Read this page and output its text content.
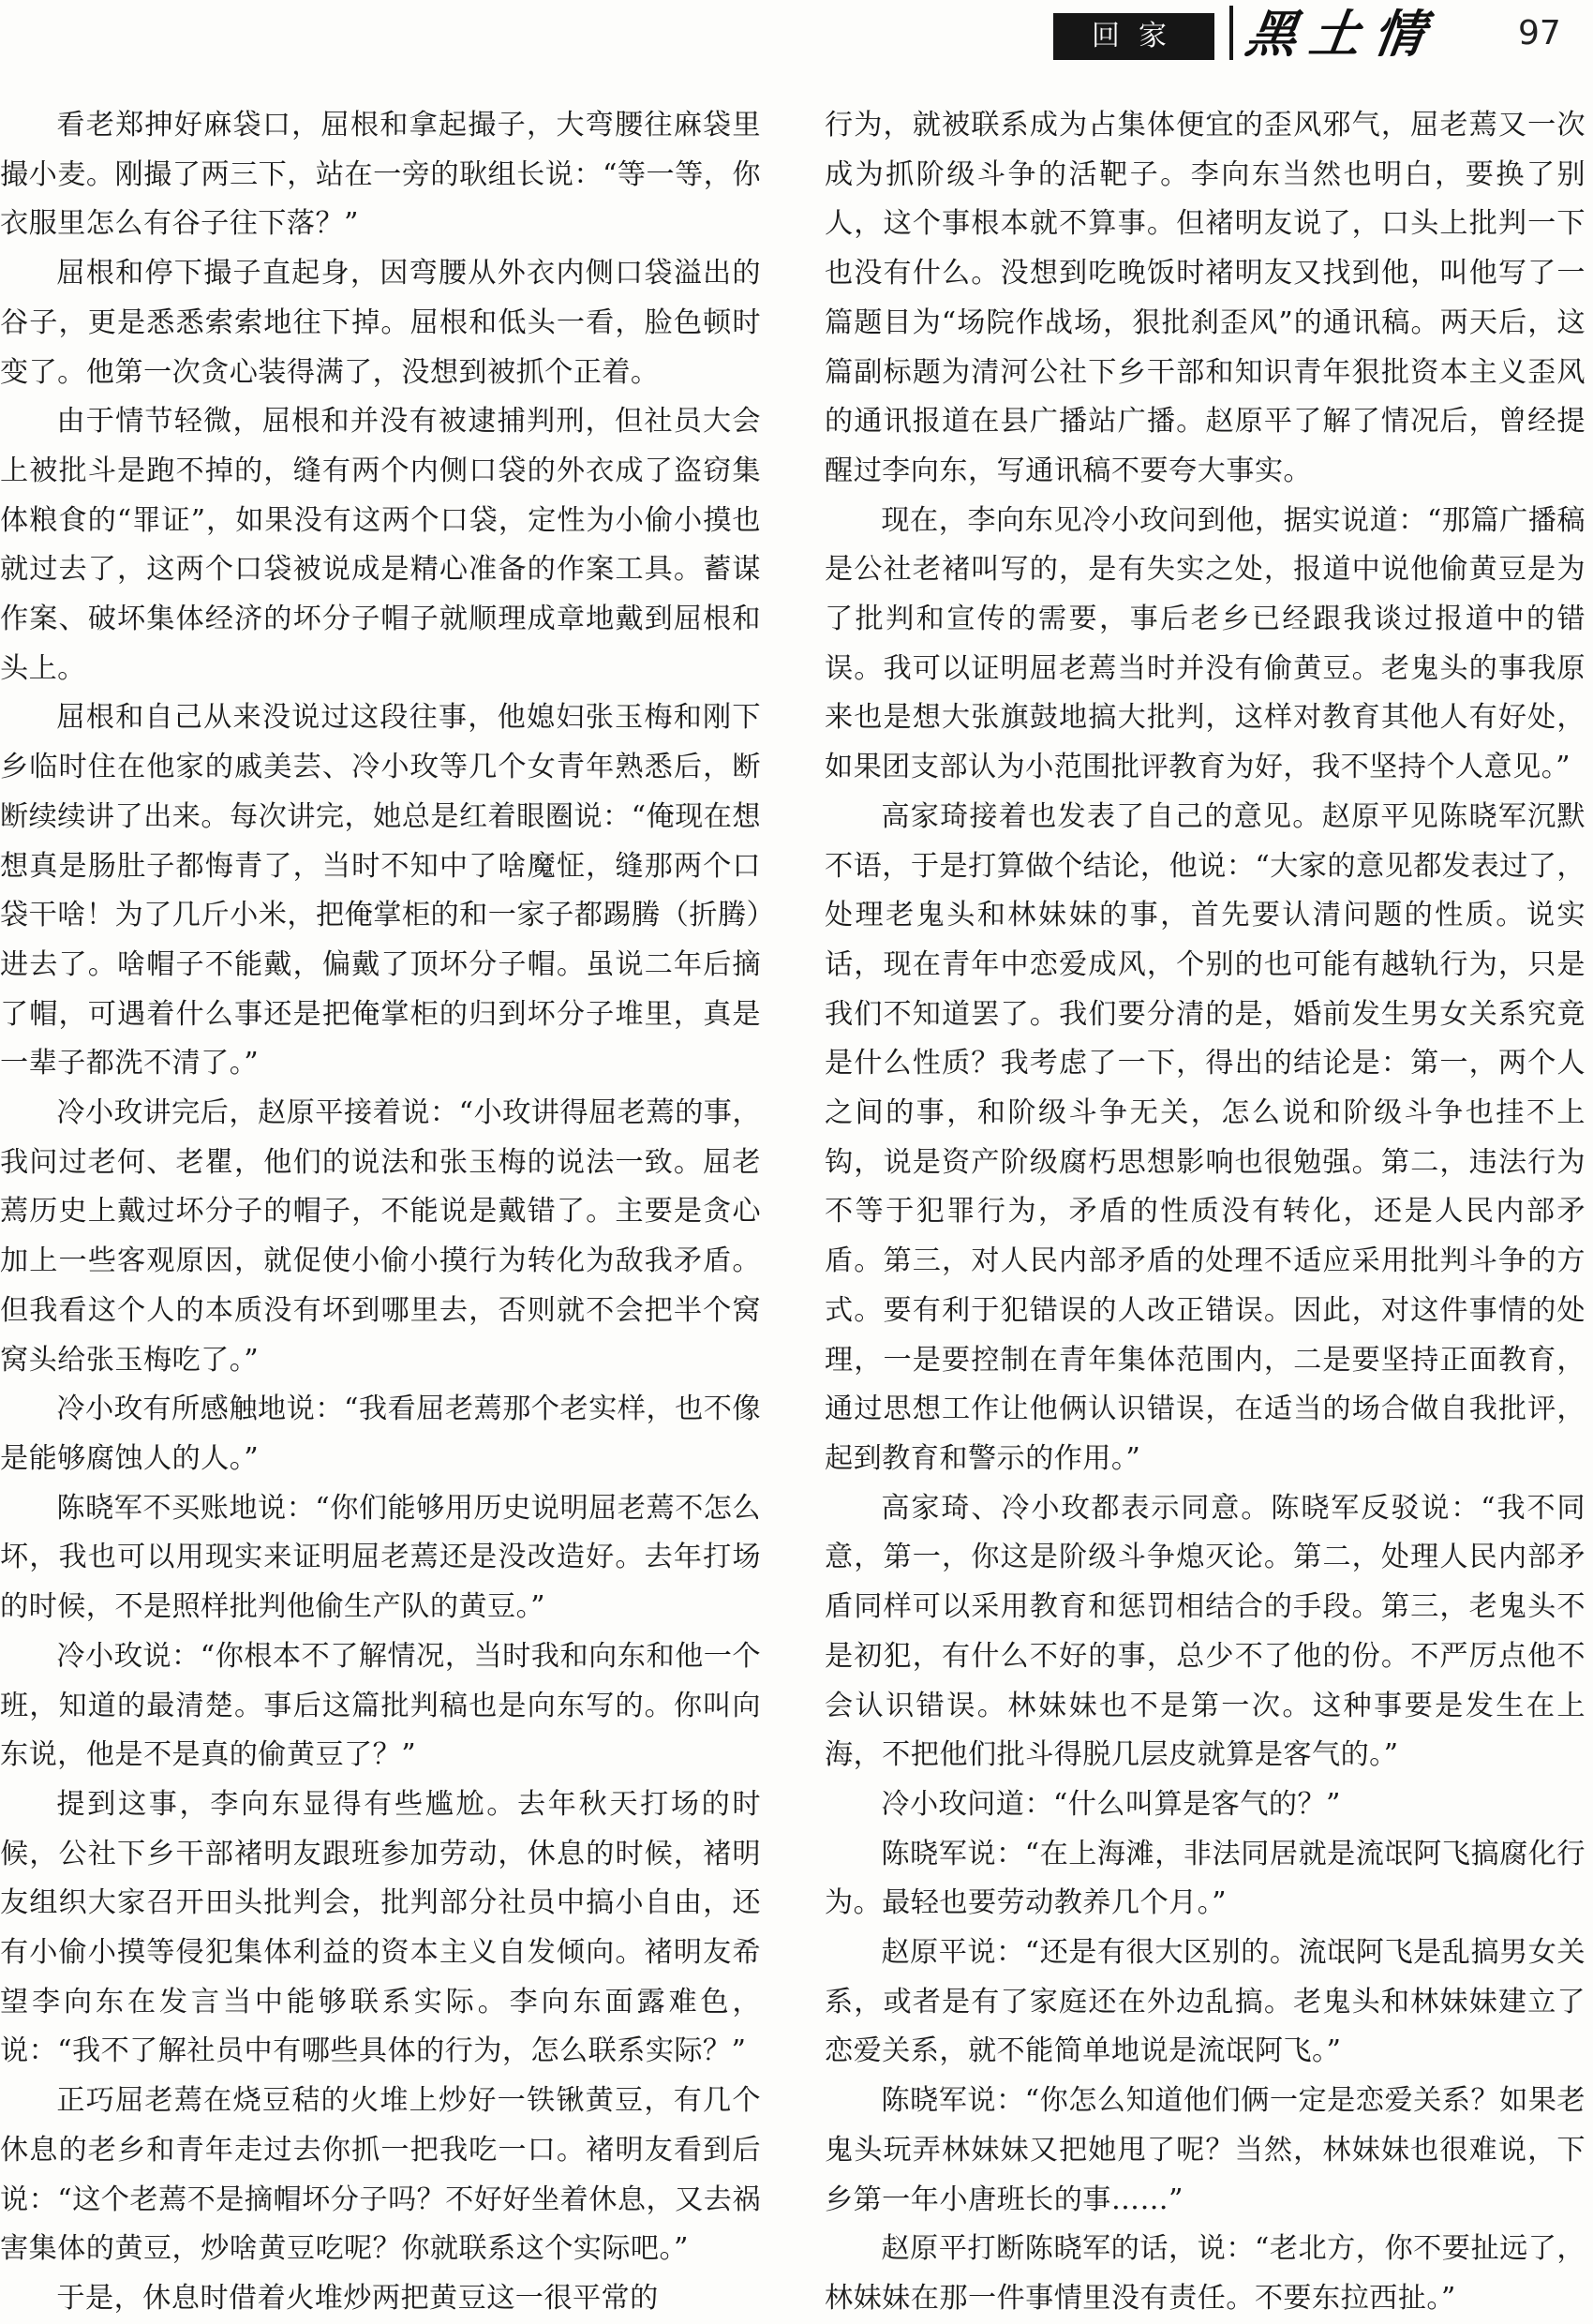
回家	黑土情 97

看老郑抻好麻袋口，屈根和拿起撮子，大弯腰往麻袋里撮小麦。刚撮了两三下，站在一旁的耿组长说：“等一等，你衣服里怎么有谷子往下落？”

屈根和停下撮子直起身，因弯腰从外衣内侧口袋溢出的谷子，更是悉悉索索地往下掉。屈根和低头一看，脸色顿时变了。他第一次贪心装得满了，没想到被抓个正着。

由于情节轻微，屈根和并没有被逮捕判刑，但社员大会上被批斗是跑不掉的，缝有两个内侧口袋的外衣成了盗窃集体粮食的“罪证”，如果没有这两个口袋，定性为小偷小摸也就过去了，这两个口袋被说成是精心准备的作案工具。蓄谋作案、破坏集体经济的坏分子帽子就顺理成章地戴到屈根和头上。

屈根和自己从来没说过这段往事，他媳妇张玉梅和刚下乡临时住在他家的戚美芸、冷小玫等几个女青年熟悉后，断断续续讲了出来。每次讲完，她总是红着眼圈说：“俺现在想想真是肠肚子都悔青了，当时不知中了啥魔怔，缝那两个口袋干啥！为了几斤小米，把俺掌柜的和一家子都踢腾（折腾）进去了。啥帽子不能戴，偏戴了顶坏分子帽。虽说二年后摘了帽，可遇着什么事还是把俺掌柜的归到坏分子堆里，真是一辈子都洗不清了。”

冷小玫讲完后，赵原平接着说：“小玫讲得屈老蔫的事，我问过老何、老瞿，他们的说法和张玉梅的说法一致。屈老蔫历史上戴过坏分子的帽子，不能说是戴错了。主要是贪心加上一些客观原因，就促使小偷小摸行为转化为敌我矛盾。但我看这个人的本质没有坏到哪里去，否则就不会把半个窝窝头给张玉梅吃了。”

冷小玫有所感触地说：“我看屈老蔫那个老实样，也不像是能够腐蚀人的人。”

陈晓军不买账地说：“你们能够用历史说明屈老蔫不怎么坏，我也可以用现实来证明屈老蔫还是没改造好。去年打场的时候，不是照样批判他偷生产队的黄豆。”

冷小玫说：“你根本不了解情况，当时我和向东和他一个班，知道的最清楚。事后这篇批判稿也是向东写的。你叫向东说，他是不是真的偷黄豆了？”

提到这事，李向东显得有些尴尬。去年秋天打场的时候，公社下乡干部褚明友跟班参加劳动，休息的时候，褚明友组织大家召开田头批判会，批判部分社员中搞小自由，还有小偷小摸等侵犯集体利益的资本主义自发倾向。褚明友希望李向东在发言当中能够联系实际。李向东面露难色，说：“我不了解社员中有哪些具体的行为，怎么联系实际？”

正巧屈老蔫在烧豆秸的火堆上炒好一铁锹黄豆，有几个休息的老乡和青年走过去你抓一把我吃一口。褚明友看到后说：“这个老蔫不是摘帽坏分子吗？不好好坐着休息，又去祸害集体的黄豆，炒啥黄豆吃呢？你就联系这个实际吧。”

于是，休息时借着火堆炒两把黄豆这一很平常的

行为，就被联系成为占集体便宜的歪风邪气，屈老蔫又一次成为抓阶级斗争的活靶子。李向东当然也明白，要换了别人，这个事根本就不算事。但褚明友说了，口头上批判一下也没有什么。没想到吃晚饭时褚明友又找到他，叫他写了一篇题目为“场院作战场，狠批刹歪风”的通讯稿。两天后，这篇副标题为清河公社下乡干部和知识青年狠批资本主义歪风的通讯报道在县广播站广播。赵原平了解了情况后，曾经提醒过李向东，写通讯稿不要夸大事实。

现在，李向东见冷小玫问到他，据实说道：“那篇广播稿是公社老褚叫写的，是有失实之处，报道中说他偷黄豆是为了批判和宣传的需要，事后老乡已经跟我谈过报道中的错误。我可以证明屈老蔫当时并没有偷黄豆。老鬼头的事我原来也是想大张旗鼓地搞大批判，这样对教育其他人有好处，如果团支部认为小范围批评教育为好，我不坚持个人意见。”

高家琦接着也发表了自己的意见。赵原平见陈晓军沉默不语，于是打算做个结论，他说：“大家的意见都发表过了，处理老鬼头和林妹妹的事，首先要认清问题的性质。说实话，现在青年中恋爱成风，个别的也可能有越轨行为，只是我们不知道罢了。我们要分清的是，婚前发生男女关系究竟是什么性质？我考虑了一下，得出的结论是：第一，两个人之间的事，和阶级斗争无关，怎么说和阶级斗争也挂不上钩，说是资产阶级腐朽思想影响也很勉强。第二，违法行为不等于犯罪行为，矛盾的性质没有转化，还是人民内部矛盾。第三，对人民内部矛盾的处理不适应采用批判斗争的方式。要有利于犯错误的人改正错误。因此，对这件事情的处理，一是要控制在青年集体范围内，二是要坚持正面教育，通过思想工作让他俩认识错误，在适当的场合做自我批评，起到教育和警示的作用。”

高家琦、冷小玫都表示同意。陈晓军反驳说：“我不同意，第一，你这是阶级斗争熄灭论。第二，处理人民内部矛盾同样可以采用教育和惩罚相结合的手段。第三，老鬼头不是初犯，有什么不好的事，总少不了他的份。不严厉点他不会认识错误。林妹妹也不是第一次。这种事要是发生在上海，不把他们批斗得脱几层皮就算是客气的。”

冷小玫问道：“什么叫算是客气的？”

陈晓军说：“在上海滩，非法同居就是流氓阿飞搞腐化行为。最轻也要劳动教养几个月。”

赵原平说：“还是有很大区别的。流氓阿飞是乱搞男女关系，或者是有了家庭还在外边乱搞。老鬼头和林妹妹建立了恋爱关系，就不能简单地说是流氓阿飞。”

陈晓军说：“你怎么知道他们俩一定是恋爱关系？如果老鬼头玩弄林妹妹又把她甩了呢？当然，林妹妹也很难说，下乡第一年小唐班长的事……”

赵原平打断陈晓军的话，说：“老北方，你不要扯远了，林妹妹在那一件事情里没有责任。不要东拉西扯。”
